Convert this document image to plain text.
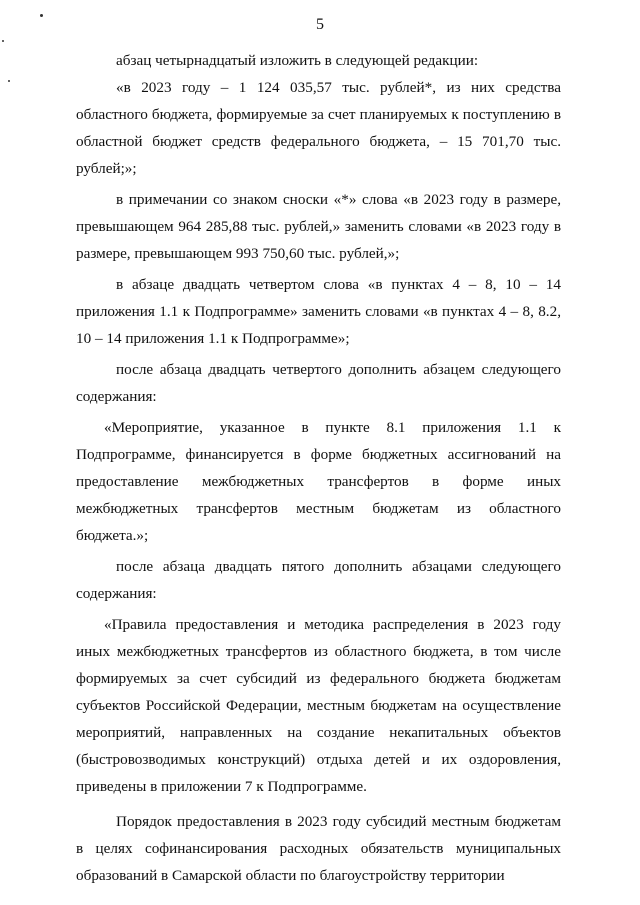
5

абзац четырнадцатый изложить в следующей редакции:

«в 2023 году – 1 124 035,57 тыс. рублей*, из них средства областного бюджета, формируемые за счет планируемых к поступлению в областной бюджет средств федерального бюджета, – 15 701,70 тыс. рублей;»;

в примечании со знаком сноски «*» слова «в 2023 году в размере, превышающем 964 285,88 тыс. рублей,» заменить словами «в 2023 году в размере, превышающем 993 750,60 тыс. рублей,»;

в абзаце двадцать четвертом слова «в пунктах 4 – 8, 10 – 14 приложения 1.1 к Подпрограмме» заменить словами «в пунктах 4 – 8, 8.2, 10 – 14 приложения 1.1 к Подпрограмме»;

после абзаца двадцать четвертого дополнить абзацем следующего содержания:

«Мероприятие, указанное в пункте 8.1 приложения 1.1 к Подпрограмме, финансируется в форме бюджетных ассигнований на предоставление межбюджетных трансфертов в форме иных межбюджетных трансфертов местным бюджетам из областного бюджета.»;

после абзаца двадцать пятого дополнить абзацами следующего содержания:

«Правила предоставления и методика распределения в 2023 году иных межбюджетных трансфертов из областного бюджета, в том числе формируемых за счет субсидий из федерального бюджета бюджетам субъектов Российской Федерации, местным бюджетам на осуществление мероприятий, направленных на создание некапитальных объектов (быстровозводимых конструкций) отдыха детей и их оздоровления, приведены в приложении 7 к Подпрограмме.

Порядок предоставления в 2023 году субсидий местным бюджетам в целях софинансирования расходных обязательств муниципальных образований в Самарской области по благоустройству территории
